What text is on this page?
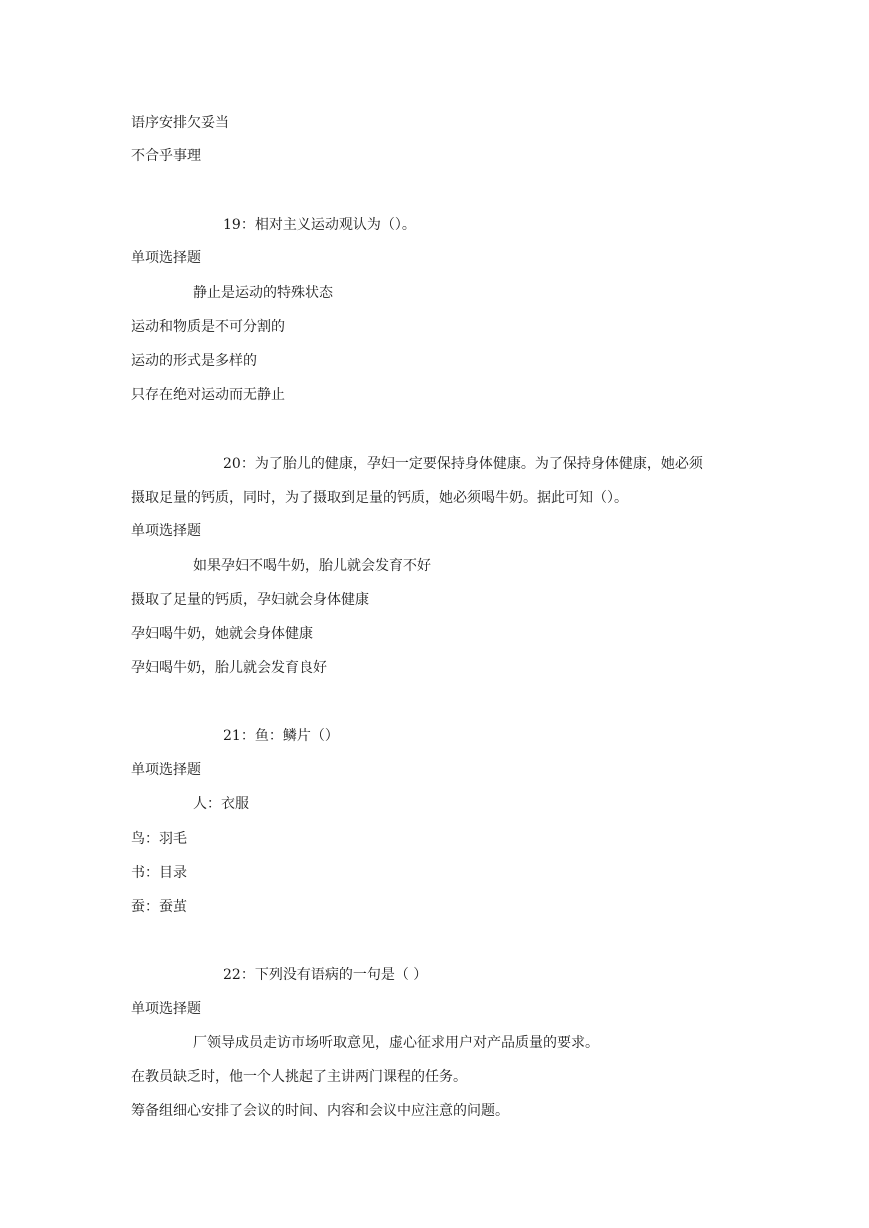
语序安排欠妥当
不合乎事理
19：相对主义运动观认为（）。
单项选择题
静止是运动的特殊状态
运动和物质是不可分割的
运动的形式是多样的
只存在绝对运动而无静止
20：为了胎儿的健康，孕妇一定要保持身体健康。为了保持身体健康，她必须
摄取足量的钙质，同时，为了摄取到足量的钙质，她必须喝牛奶。据此可知（）。
单项选择题
如果孕妇不喝牛奶，胎儿就会发育不好
摄取了足量的钙质，孕妇就会身体健康
孕妇喝牛奶，她就会身体健康
孕妇喝牛奶，胎儿就会发育良好
21：鱼：鳞片（）
单项选择题
人：衣服
鸟：羽毛
书：目录
蚕：蚕茧
22：下列没有语病的一句是（ ）
单项选择题
厂领导成员走访市场听取意见，虚心征求用户对产品质量的要求。
在教员缺乏时，他一个人挑起了主讲两门课程的任务。
筹备组细心安排了会议的时间、内容和会议中应注意的问题。
